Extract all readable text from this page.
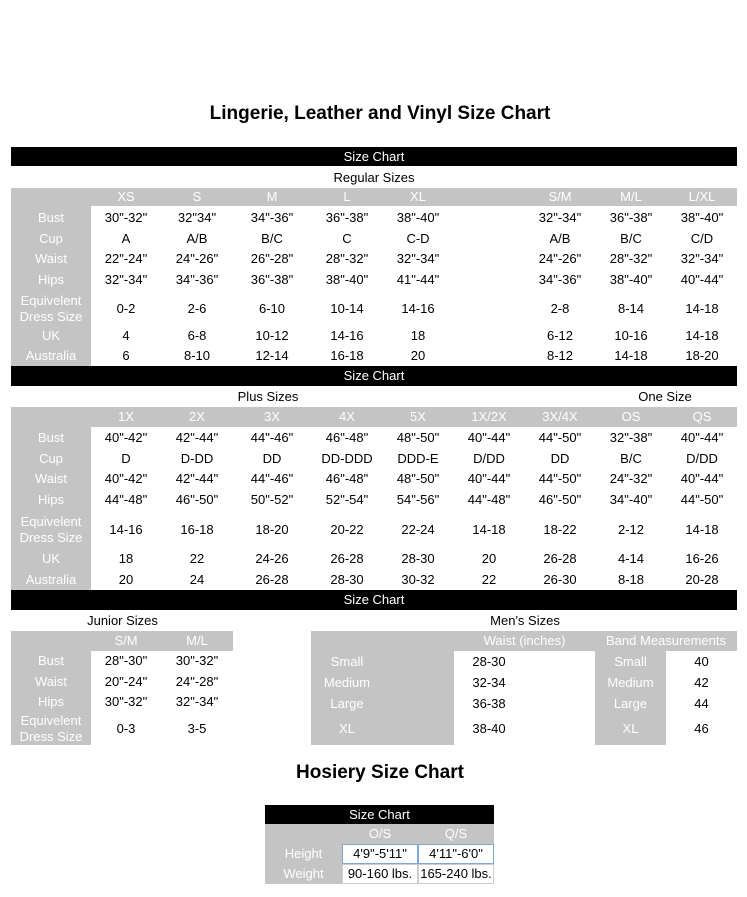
Lingerie, Leather and Vinyl Size Chart
Size Chart
Regular Sizes
Size Chart
Plus Sizes	One Size
Size Chart
Junior Sizes	Men's Sizes
Waist (inches)	Band Measurements
Hosiery Size Chart
Size Chart
XS	S	M	L	XL	S/M	M/L	L/XL
Bust	30"-32"	32"34"	34"-36"	36"-38"	38"-40"	32"-34"	36"-38"	38"-40"
Cup	A	A/B	B/C	C	C-D	A/B	B/C	C/D
Waist	22"-24"	24"-26"	26"-28"	28"-32"	32"-34"	24"-26"	28"-32"	32"-34"
Hips	32"-34"	34"-36"	36"-38"	38"-40"	41"-44"	34"-36"	38"-40"	40"-44"
Equivelent Dress Size	0-2	2-6	6-10	10-14	14-16	2-8	8-14	14-18
UK	4	6-8	10-12	14-16	18	6-12	10-16	14-18
Australia	6	8-10	12-14	16-18	20	8-12	14-18	18-20
1X	2X	3X	4X	5X	1X/2X	3X/4X	OS	QS
Bust	40"-42"	42"-44"	44"-46"	46"-48"	48"-50"	40"-44"	44"-50"	32"-38"	40"-44"
Cup	D	D-DD	DD	DD-DDD	DDD-E	D/DD	DD	B/C	D/DD
Waist	40"-42"	42"-44"	44"-46"	46"-48"	48"-50"	40"-44"	44"-50"	24"-32"	40"-44"
Hips	44"-48"	46"-50"	50"-52"	52"-54"	54"-56"	44"-48"	46"-50"	34"-40"	44"-50"
Equivelent Dress Size	14-16	16-18	18-20	20-22	22-24	14-18	18-22	2-12	14-18
UK	18	22	24-26	26-28	28-30	20	26-28	4-14	16-26
Australia	20	24	26-28	28-30	30-32	22	26-30	8-18	20-28
S/M	M/L
Bust	28"-30"	30"-32"
Waist	20"-24"	24"-28"
Hips	30"-32"	32"-34"
Equivelent Dress Size	0-3	3-5
Small	28-30	Small	40
Medium	32-34	Medium	42
Large	36-38	Large	44
XL	38-40	XL	46
O/S	Q/S
Height	4'9"-5'11"	4'11"-6'0"
Weight	90-160 lbs. 165-240 lbs.
